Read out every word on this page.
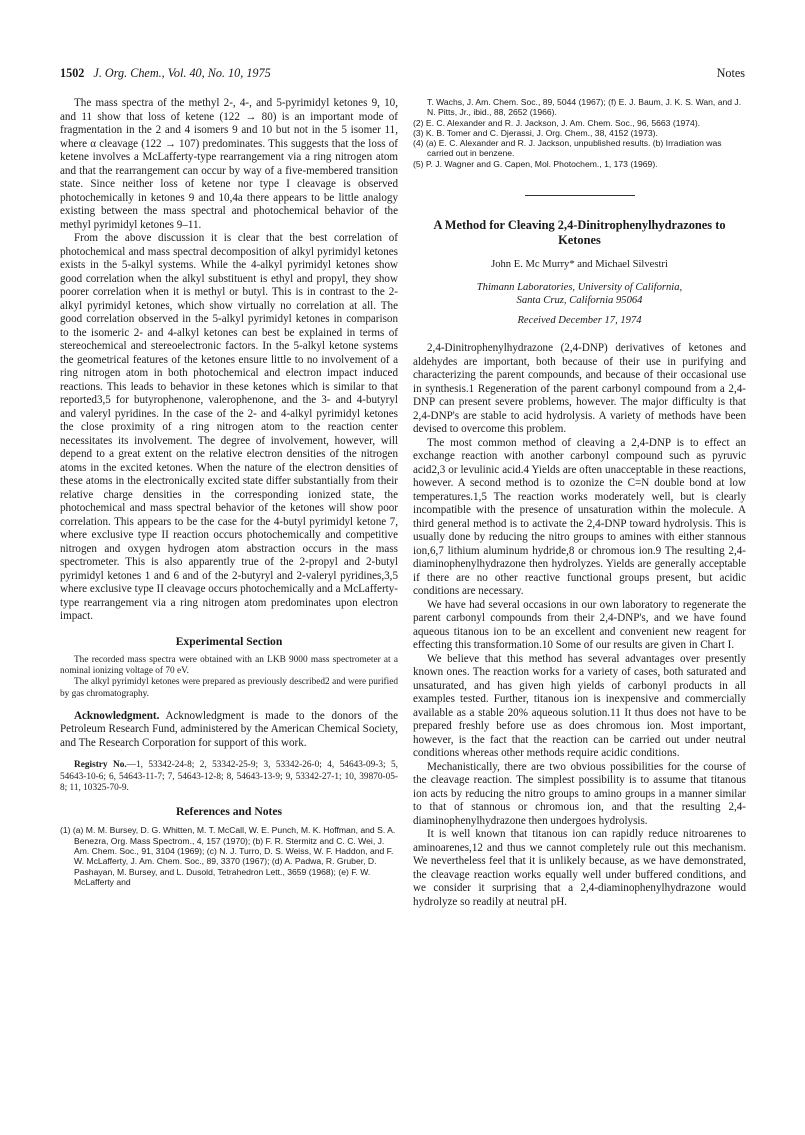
1502 J. Org. Chem., Vol. 40, No. 10, 1975	Notes

The mass spectra of the methyl 2-, 4-, and 5-pyrimidyl ketones 9, 10, and 11 show that loss of ketene (122 → 80) is an important mode of fragmentation in the 2 and 4 isomers 9 and 10 but not in the 5 isomer 11, where α cleavage (122 → 107) predominates. This suggests that the loss of ketene involves a McLafferty-type rearrangement via a ring nitrogen atom and that the rearrangement can occur by way of a five-membered transition state. Since neither loss of ketene nor type I cleavage is observed photochemically in ketones 9 and 10,4a there appears to be little analogy existing between the mass spectral and photochemical behavior of the methyl pyrimidyl ketones 9–11.

From the above discussion it is clear that the best correlation of photochemical and mass spectral decomposition of alkyl pyrimidyl ketones exists in the 5-alkyl systems. While the 4-alkyl pyrimidyl ketones show good correlation when the alkyl substituent is ethyl and propyl, they show poorer correlation when it is methyl or butyl. This is in contrast to the 2-alkyl pyrimidyl ketones, which show virtually no correlation at all. The good correlation observed in the 5-alkyl pyrimidyl ketones in comparison to the isomeric 2- and 4-alkyl ketones can best be explained in terms of stereochemical and stereoelectronic factors. In the 5-alkyl ketone systems the geometrical features of the ketones ensure little to no involvement of a ring nitrogen atom in both photochemical and electron impact induced reactions. This leads to behavior in these ketones which is similar to that reported3,5 for butyrophenone, valerophenone, and the 3- and 4-butyryl and valeryl pyridines. In the case of the 2- and 4-alkyl pyrimidyl ketones the close proximity of a ring nitrogen atom to the reaction center necessitates its involvement. The degree of involvement, however, will depend to a great extent on the relative electron densities of the nitrogen atoms in the excited ketones. When the nature of the electron densities of these atoms in the electronically excited state differ substantially from their relative charge densities in the corresponding ionized state, the photochemical and mass spectral behavior of the ketones will show poor correlation. This appears to be the case for the 4-butyl pyrimidyl ketone 7, where exclusive type II reaction occurs photochemically and competitive nitrogen and oxygen hydrogen atom abstraction occurs in the mass spectrometer. This is also apparently true of the 2-propyl and 2-butyl pyrimidyl ketones 1 and 6 and of the 2-butyryl and 2-valeryl pyridines,3,5 where exclusive type II cleavage occurs photochemically and a McLafferty-type rearrangement via a ring nitrogen atom predominates upon electron impact.

Experimental Section

The recorded mass spectra were obtained with an LKB 9000 mass spectrometer at a nominal ionizing voltage of 70 eV.

The alkyl pyrimidyl ketones were prepared as previously described2 and were purified by gas chromatography.

Acknowledgment. Acknowledgment is made to the donors of the Petroleum Research Fund, administered by the American Chemical Society, and The Research Corporation for support of this work.

Registry No.—1, 53342-24-8; 2, 53342-25-9; 3, 53342-26-0; 4, 54643-09-3; 5, 54643-10-6; 6, 54643-11-7; 7, 54643-12-8; 8, 54643-13-9; 9, 53342-27-1; 10, 39870-05-8; 11, 10325-70-9.

References and Notes

(1) (a) M. M. Bursey, D. G. Whitten, M. T. McCall, W. E. Punch, M. K. Hoffman, and S. A. Benezra, Org. Mass Spectrom., 4, 157 (1970); (b) F. R. Stermitz and C. C. Wei, J. Am. Chem. Soc., 91, 3104 (1969); (c) N. J. Turro, D. S. Weiss, W. F. Haddon, and F. W. McLafferty, J. Am. Chem. Soc., 89, 3370 (1967); (d) A. Padwa, R. Gruber, D. Pashayan, M. Bursey, and L. Dusold, Tetrahedron Lett., 3659 (1968); (e) F. W. McLafferty and

T. Wachs, J. Am. Chem. Soc., 89, 5044 (1967); (f) E. J. Baum, J. K. S. Wan, and J. N. Pitts, Jr., ibid., 88, 2652 (1966).

(2) E. C. Alexander and R. J. Jackson, J. Am. Chem. Soc., 96, 5663 (1974).

(3) K. B. Tomer and C. Djerassi, J. Org. Chem., 38, 4152 (1973).

(4) (a) E. C. Alexander and R. J. Jackson, unpublished results. (b) Irradiation was carried out in benzene.

(5) P. J. Wagner and G. Capen, Mol. Photochem., 1, 173 (1969).

A Method for Cleaving 2,4-Dinitrophenylhydrazones to Ketones
John E. Mc Murry* and Michael Silvestri
Thimann Laboratories, University of California,
Santa Cruz, California 95064
Received December 17, 1974

2,4-Dinitrophenylhydrazone (2,4-DNP) derivatives of ketones and aldehydes are important, both because of their use in purifying and characterizing the parent compounds, and because of their occasional use in synthesis.1 Regeneration of the parent carbonyl compound from a 2,4-DNP can present severe problems, however. The major difficulty is that 2,4-DNP's are stable to acid hydrolysis. A variety of methods have been devised to overcome this problem.

The most common method of cleaving a 2,4-DNP is to effect an exchange reaction with another carbonyl compound such as pyruvic acid2,3 or levulinic acid.4 Yields are often unacceptable in these reactions, however. A second method is to ozonize the C=N double bond at low temperatures.1,5 The reaction works moderately well, but is clearly incompatible with the presence of unsaturation within the molecule. A third general method is to activate the 2,4-DNP toward hydrolysis. This is usually done by reducing the nitro groups to amines with either stannous ion,6,7 lithium aluminum hydride,8 or chromous ion.9 The resulting 2,4-diaminophenylhydrazone then hydrolyzes. Yields are generally acceptable if there are no other reactive functional groups present, but acidic conditions are necessary.

We have had several occasions in our own laboratory to regenerate the parent carbonyl compounds from their 2,4-DNP's, and we have found aqueous titanous ion to be an excellent and convenient new reagent for effecting this transformation.10 Some of our results are given in Chart I.

We believe that this method has several advantages over presently known ones. The reaction works for a variety of cases, both saturated and unsaturated, and has given high yields of carbonyl products in all examples tested. Further, titanous ion is inexpensive and commercially available as a stable 20% aqueous solution.11 It thus does not have to be prepared freshly before use as does chromous ion. Most important, however, is the fact that the reaction can be carried out under neutral conditions whereas other methods require acidic conditions.

Mechanistically, there are two obvious possibilities for the course of the cleavage reaction. The simplest possibility is to assume that titanous ion acts by reducing the nitro groups to amino groups in a manner similar to that of stannous or chromous ion, and that the resulting 2,4-diaminophenylhydrazone then undergoes hydrolysis.

It is well known that titanous ion can rapidly reduce nitroarenes to aminoarenes,12 and thus we cannot completely rule out this mechanism. We nevertheless feel that it is unlikely because, as we have demonstrated, the cleavage reaction works equally well under buffered conditions, and we consider it surprising that a 2,4-diaminophenylhydrazone would hydrolyze so readily at neutral pH.
